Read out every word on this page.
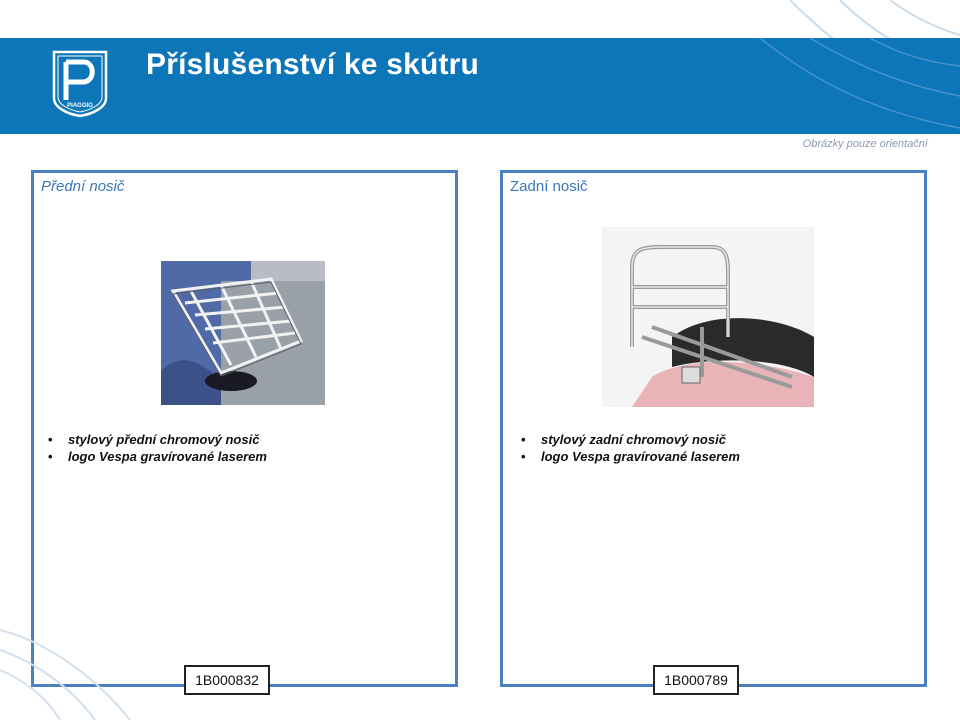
PIAGGIO
Příslušenství ke skútru
Obrázky pouze orientační
Přední nosič
• stylový přední chromový nosič
• logo Vespa gravírované laserem
1B000832
Zadní nosič
• stylový zadní chromový nosič
• logo Vespa gravírované laserem
1B000789
